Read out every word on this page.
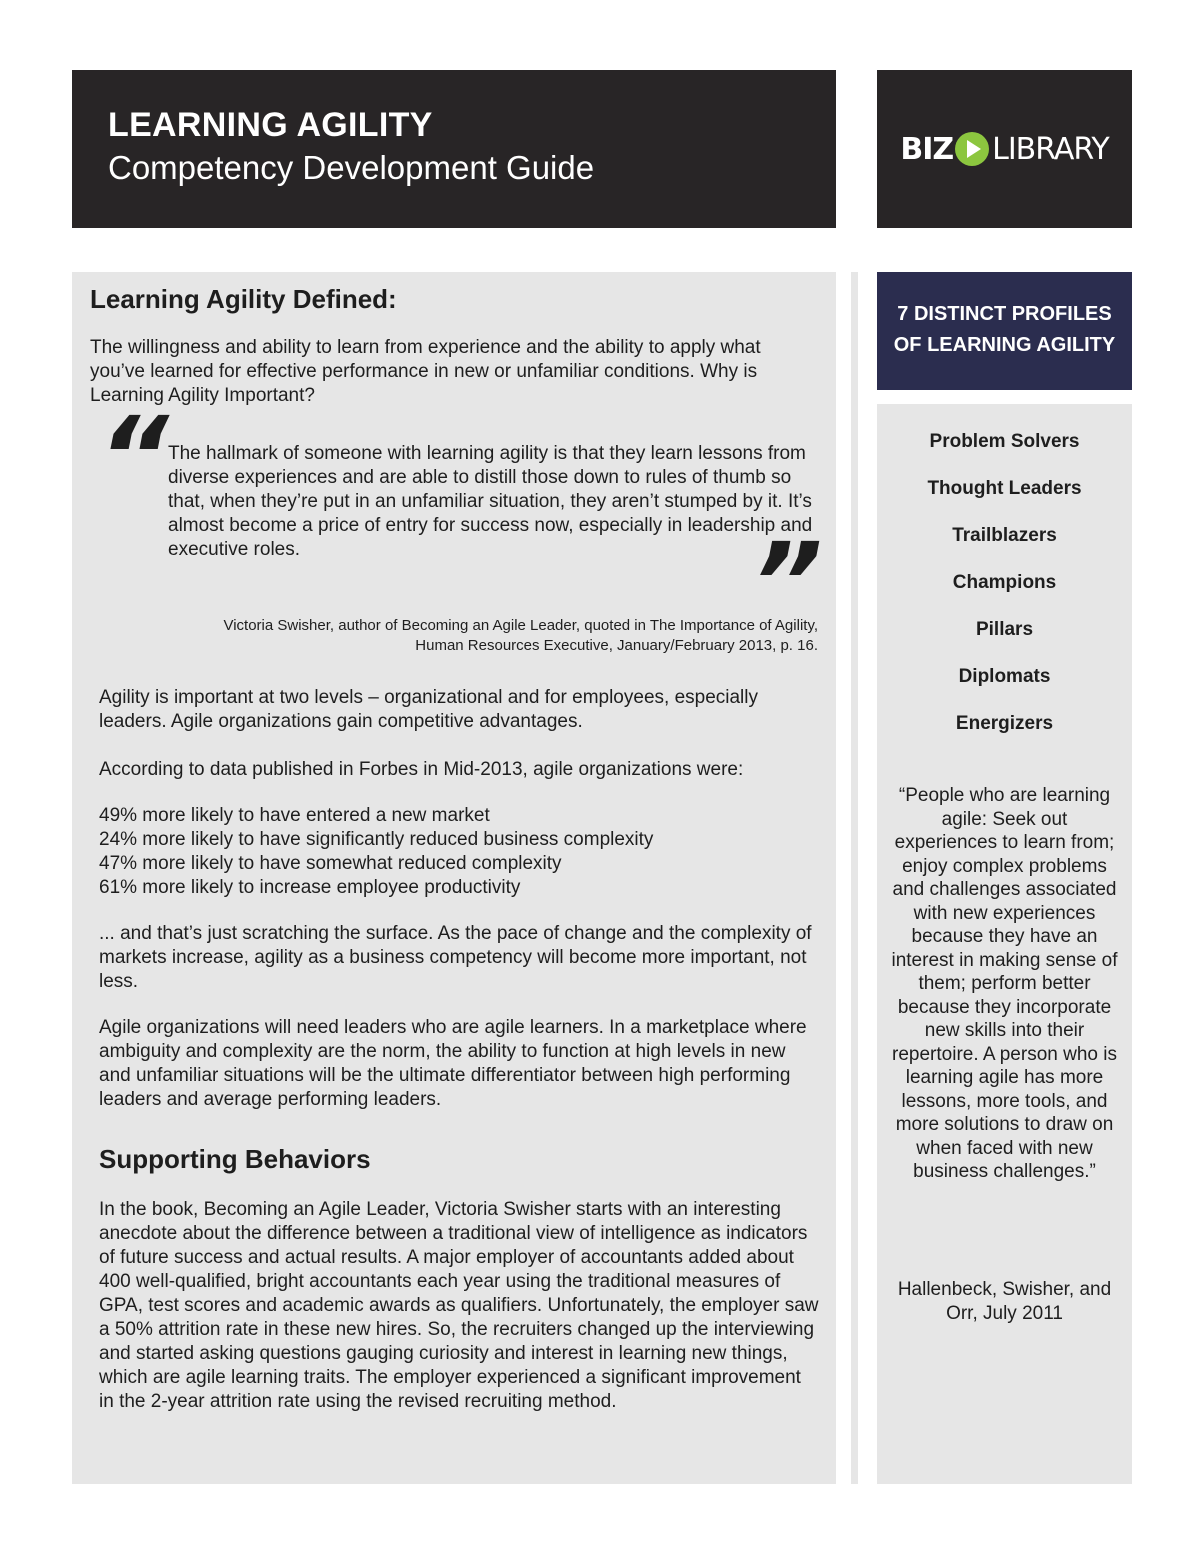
LEARNING AGILITY
Competency Development Guide	BIZ LIBRARY
Learning Agility Defined:
The willingness and ability to learn from experience and the ability to apply what you’ve learned for effective performance in new or unfamiliar conditions. Why is Learning Agility Important?
“ The hallmark of someone with learning agility is that they learn lessons from diverse experiences and are able to distill those down to rules of thumb so that, when they’re put in an unfamiliar situation, they aren’t stumped by it. It’s almost become a price of entry for success now, especially in leadership and executive roles.	”
Victoria Swisher, author of Becoming an Agile Leader, quoted in The Importance of Agility,
Human Resources Executive, January/February 2013, p. 16.
Agility is important at two levels – organizational and for employees, especially leaders. Agile organizations gain competitive advantages.
According to data published in Forbes in Mid-2013, agile organizations were:
49% more likely to have entered a new market
24% more likely to have significantly reduced business complexity
47% more likely to have somewhat reduced complexity
61% more likely to increase employee productivity
... and that’s just scratching the surface. As the pace of change and the complexity of markets increase, agility as a business competency will become more important, not less.
Agile organizations will need leaders who are agile learners. In a marketplace where ambiguity and complexity are the norm, the ability to function at high levels in new and unfamiliar situations will be the ultimate differentiator between high performing leaders and average performing leaders.
Supporting Behaviors
In the book, Becoming an Agile Leader, Victoria Swisher starts with an interesting anecdote about the difference between a traditional view of intelligence as indicators of future success and actual results. A major employer of accountants added about 400 well-qualified, bright accountants each year using the traditional measures of GPA, test scores and academic awards as qualifiers. Unfortunately, the employer saw a 50% attrition rate in these new hires. So, the recruiters changed up the interviewing and started asking questions gauging curiosity and interest in learning new things, which are agile learning traits. The employer experienced a significant improvement in the 2-year attrition rate using the revised recruiting method.
7 DISTINCT PROFILES
OF LEARNING AGILITY
Problem Solvers
Thought Leaders
Trailblazers
Champions
Pillars
Diplomats
Energizers
“People who are learning agile: Seek out experiences to learn from; enjoy complex problems and challenges associated with new experiences because they have an interest in making sense of them; perform better because they incorporate new skills into their repertoire. A person who is learning agile has more lessons, more tools, and more solutions to draw on when faced with new business challenges.”
Hallenbeck, Swisher, and Orr, July 2011
